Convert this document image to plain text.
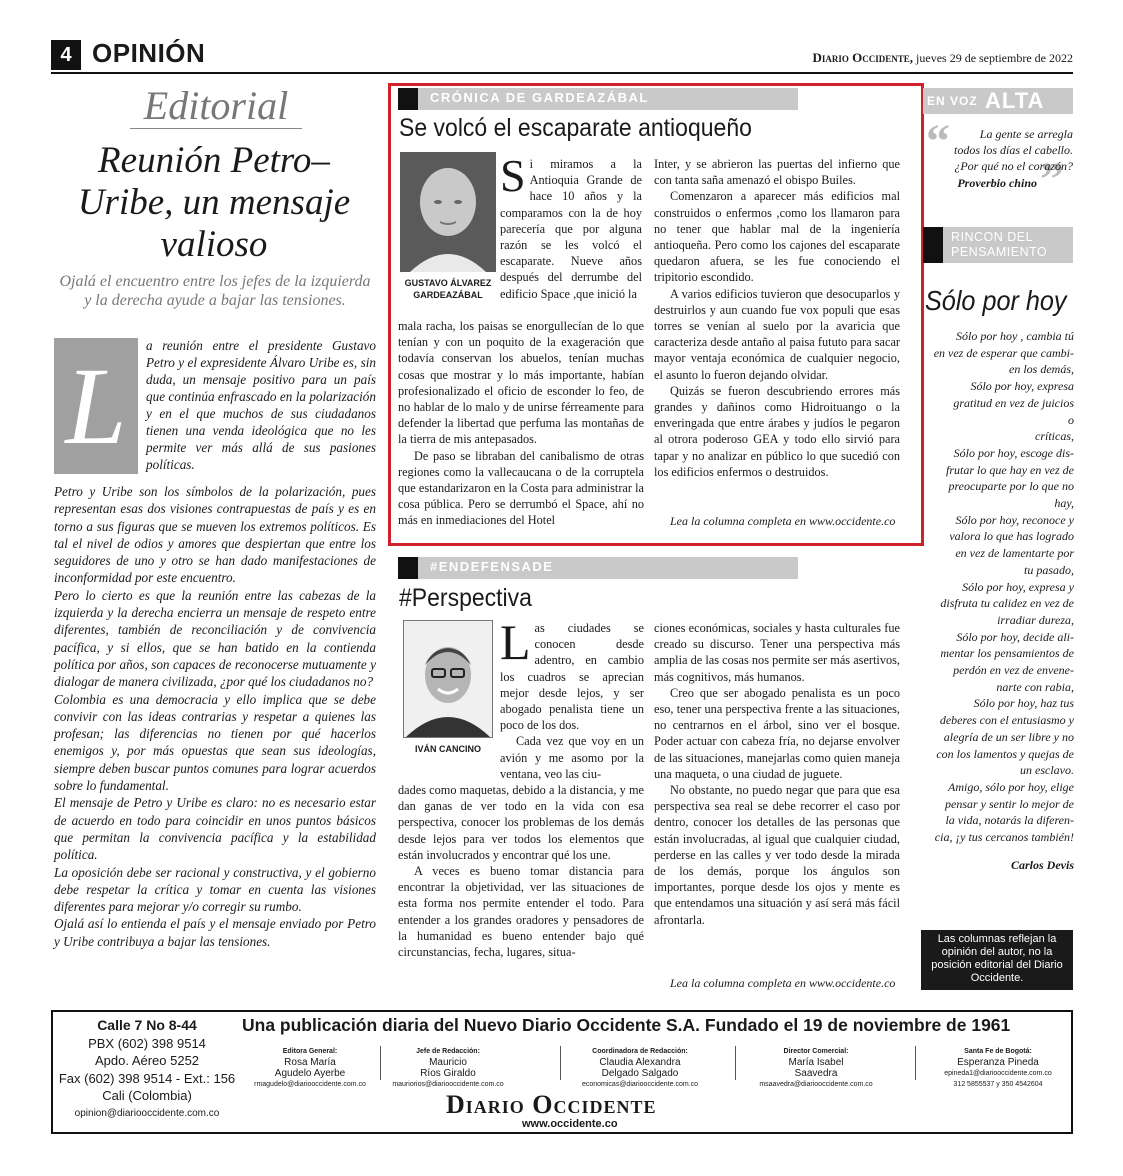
4 OPINIÓN	Diario Occidente, jueves 29 de septiembre de 2022
Editorial
Reunión Petro–Uribe, un mensaje valioso
Ojalá el encuentro entre los jefes de la izquierda y la derecha ayude a bajar las tensiones.
L	a reunión entre el presidente Gustavo Petro y el expresidente Álvaro Uribe es, sin duda, un mensaje positivo para un país que continúa enfrascado en la polarización y en el que muchos de sus ciudadanos tienen una venda ideológica que no les permite ver más allá de sus pasiones políticas.

Petro y Uribe son los símbolos de la polarización, pues representan esas dos visiones contrapuestas de país y es en torno a sus figuras que se mueven los extremos políticos. Es tal el nivel de odios y amores que despiertan que entre los seguidores de uno y otro se han dado manifestaciones de inconformidad por este encuentro.

Pero lo cierto es que la reunión entre las cabezas de la izquierda y la derecha encierra un mensaje de respeto entre diferentes, también de reconciliación y de convivencia pacífica, y si ellos, que se han batido en la contienda política por años, son capaces de reconocerse mutuamente y dialogar de manera civilizada, ¿por qué los ciudadanos no?

Colombia es una democracia y ello implica que se debe convivir con las ideas contrarias y respetar a quienes las profesan; las diferencias no tienen por qué hacerlos enemigos y, por más opuestas que sean sus ideologías, siempre deben buscar puntos comunes para lograr acuerdos sobre lo fundamental.

El mensaje de Petro y Uribe es claro: no es necesario estar de acuerdo en todo para coincidir en unos puntos básicos que permitan la convivencia pacífica y la estabilidad política.

La oposición debe ser racional y constructiva, y el gobierno debe respetar la crítica y tomar en cuenta las visiones diferentes para mejorar y/o corregir su rumbo.

Ojalá así lo entienda el país y el mensaje enviado por Petro y Uribe contribuya a bajar las tensiones.

CRÓNICA DE GARDEAZÁBAL
Se volcó el escaparate antioqueño
GUSTAVO ÁLVAREZ GARDEAZÁBAL
Si miramos a la Antioquia Grande de hace 10 años y la comparamos con la de hoy parecería que por alguna razón se les volcó el escaparate. Nueve años después del derrumbe del edificio Space ,que inició la

mala racha, los paisas se enorgullecían de lo que tenían y con un poquito de la exageración que todavía conservan los abuelos, tenían muchas cosas que mostrar y lo más importante, habían profesionalizado el oficio de esconder lo feo, de no hablar de lo malo y de unirse férreamente para defender la libertad que perfuma las montañas de la tierra de mis antepasados.

De paso se libraban del canibalismo de otras regiones como la vallecaucana o de la corruptela que estandarizaron en la Costa para administrar la cosa pública. Pero se derrumbó el Space, ahí no más en inmediaciones del Hotel

Inter, y se abrieron las puertas del infierno que con tanta saña amenazó el obispo Builes.

Comenzaron a aparecer más edificios mal construidos o enfermos ,como los llamaron para no tener que hablar mal de la ingeniería antioqueña. Pero como los cajones del escaparate quedaron afuera, se les fue conociendo el tripitorio escondido.

A varios edificios tuvieron que desocuparlos y destruirlos y aun cuando fue vox populi que esas torres se venían al suelo por la avaricia que caracteriza desde antaño al paisa fututo para sacar mayor ventaja económica de cualquier negocio, el asunto lo fueron dejando olvidar.

Quizás se fueron descubriendo errores más grandes y dañinos como Hidroituango o la enveringada que entre árabes y judíos le pegaron al otrora poderoso GEA y todo ello sirvió para tapar y no analizar en público lo que sucedió con los edificios enfermos o destruidos.

Lea la columna completa en www.occidente.co
#ENDEFENSADE
#Perspectiva
IVÁN CANCINO
Las ciudades se conocen desde adentro, en cambio los cuadros se aprecian mejor desde lejos, y ser abogado penalista tiene un poco de los dos.
Cada vez que voy en un avión y me asomo por la ventana, veo las ciu-

dades como maquetas, debido a la distancia, y me dan ganas de ver todo en la vida con esa perspectiva, conocer los problemas de los demás desde lejos para ver todos los elementos que están involucrados y encontrar qué los une.

A veces es bueno tomar distancia para encontrar la objetividad, ver las situaciones de esta forma nos permite entender el todo. Para entender a los grandes oradores y pensadores de la humanidad es bueno entender bajo qué circunstancias, fecha, lugares, situa-

ciones económicas, sociales y hasta culturales fue creado su discurso. Tener una perspectiva más amplia de las cosas nos permite ser más asertivos, más cognitivos, más humanos.

Creo que ser abogado penalista es un poco eso, tener una perspectiva frente a las situaciones, no centrarnos en el árbol, sino ver el bosque. Poder actuar con cabeza fría, no dejarse envolver de las situaciones, manejarlas como quien maneja una maqueta, o una ciudad de juguete.

No obstante, no puedo negar que para que esa perspectiva sea real se debe recorrer el caso por dentro, conocer los detalles de las personas que están involucradas, al igual que cualquier ciudad, perderse en las calles y ver todo desde la mirada de los demás, porque los ángulos son importantes, porque desde los ojos y mente es que entendamos una situación y así será más fácil afrontarla.

Lea la columna completa en www.occidente.co
EN VOZ ALTA
“
”
La gente se arregla
todos los días el cabello.
¿Por qué no el corazón?
Proverbio chino
RINCON DEL PENSAMIENTO
Sólo por hoy
Sólo por hoy , cambia tú
en vez de esperar que cambi-
en los demás,
Sólo por hoy, expresa
gratitud en vez de juicios
o
críticas,
Sólo por hoy, escoge dis-
frutar lo que hay en vez de
preocuparte por lo que no
hay,
Sólo por hoy, reconoce y
valora lo que has logrado
en vez de lamentarte por
tu pasado,
Sólo por hoy, expresa y
disfruta tu calidez en vez de
irradiar dureza,
Sólo por hoy, decide ali-
mentar los pensamientos de
perdón en vez de envene-
narte con rabia,
Sólo por hoy, haz tus
deberes con el entusiasmo y
alegría de un ser libre y no
con los lamentos y quejas de
un esclavo.
Amigo, sólo por hoy, elige
pensar y sentir lo mejor de
la vida, notarás la diferen-
cia, ¡y tus cercanos también!
Carlos Devis
Las columnas reflejan la opinión del autor, no la posición editorial del Diario Occidente.
Calle 7 No 8-44
PBX (602) 398 9514
Apdo. Aéreo 5252
Fax (602) 398 9514 - Ext.: 156
Cali (Colombia)
opinion@diariooccidente.com.co
Una publicación diaria del Nuevo Diario Occidente S.A. Fundado el 19 de noviembre de 1961
Editora General:
Rosa María
Agudelo Ayerbe
rmagudelo@diariooccidente.com.co
Jefe de Redacción:
Mauricio
Ríos Giraldo
mauriorios@diariooccidente.com.co
Coordinadora de Redacción:
Claudia Alexandra
Delgado Salgado
economicas@diariooccidente.com.co
Director Comercial:
María Isabel
Saavedra
msaavedra@diariooccidente.com.co
Santa Fe de Bogotá:
Esperanza Pineda
epineda1@diariooccidente.com.co
312 5855537 y 350 4542604
Diario Occidente
www.occidente.co
